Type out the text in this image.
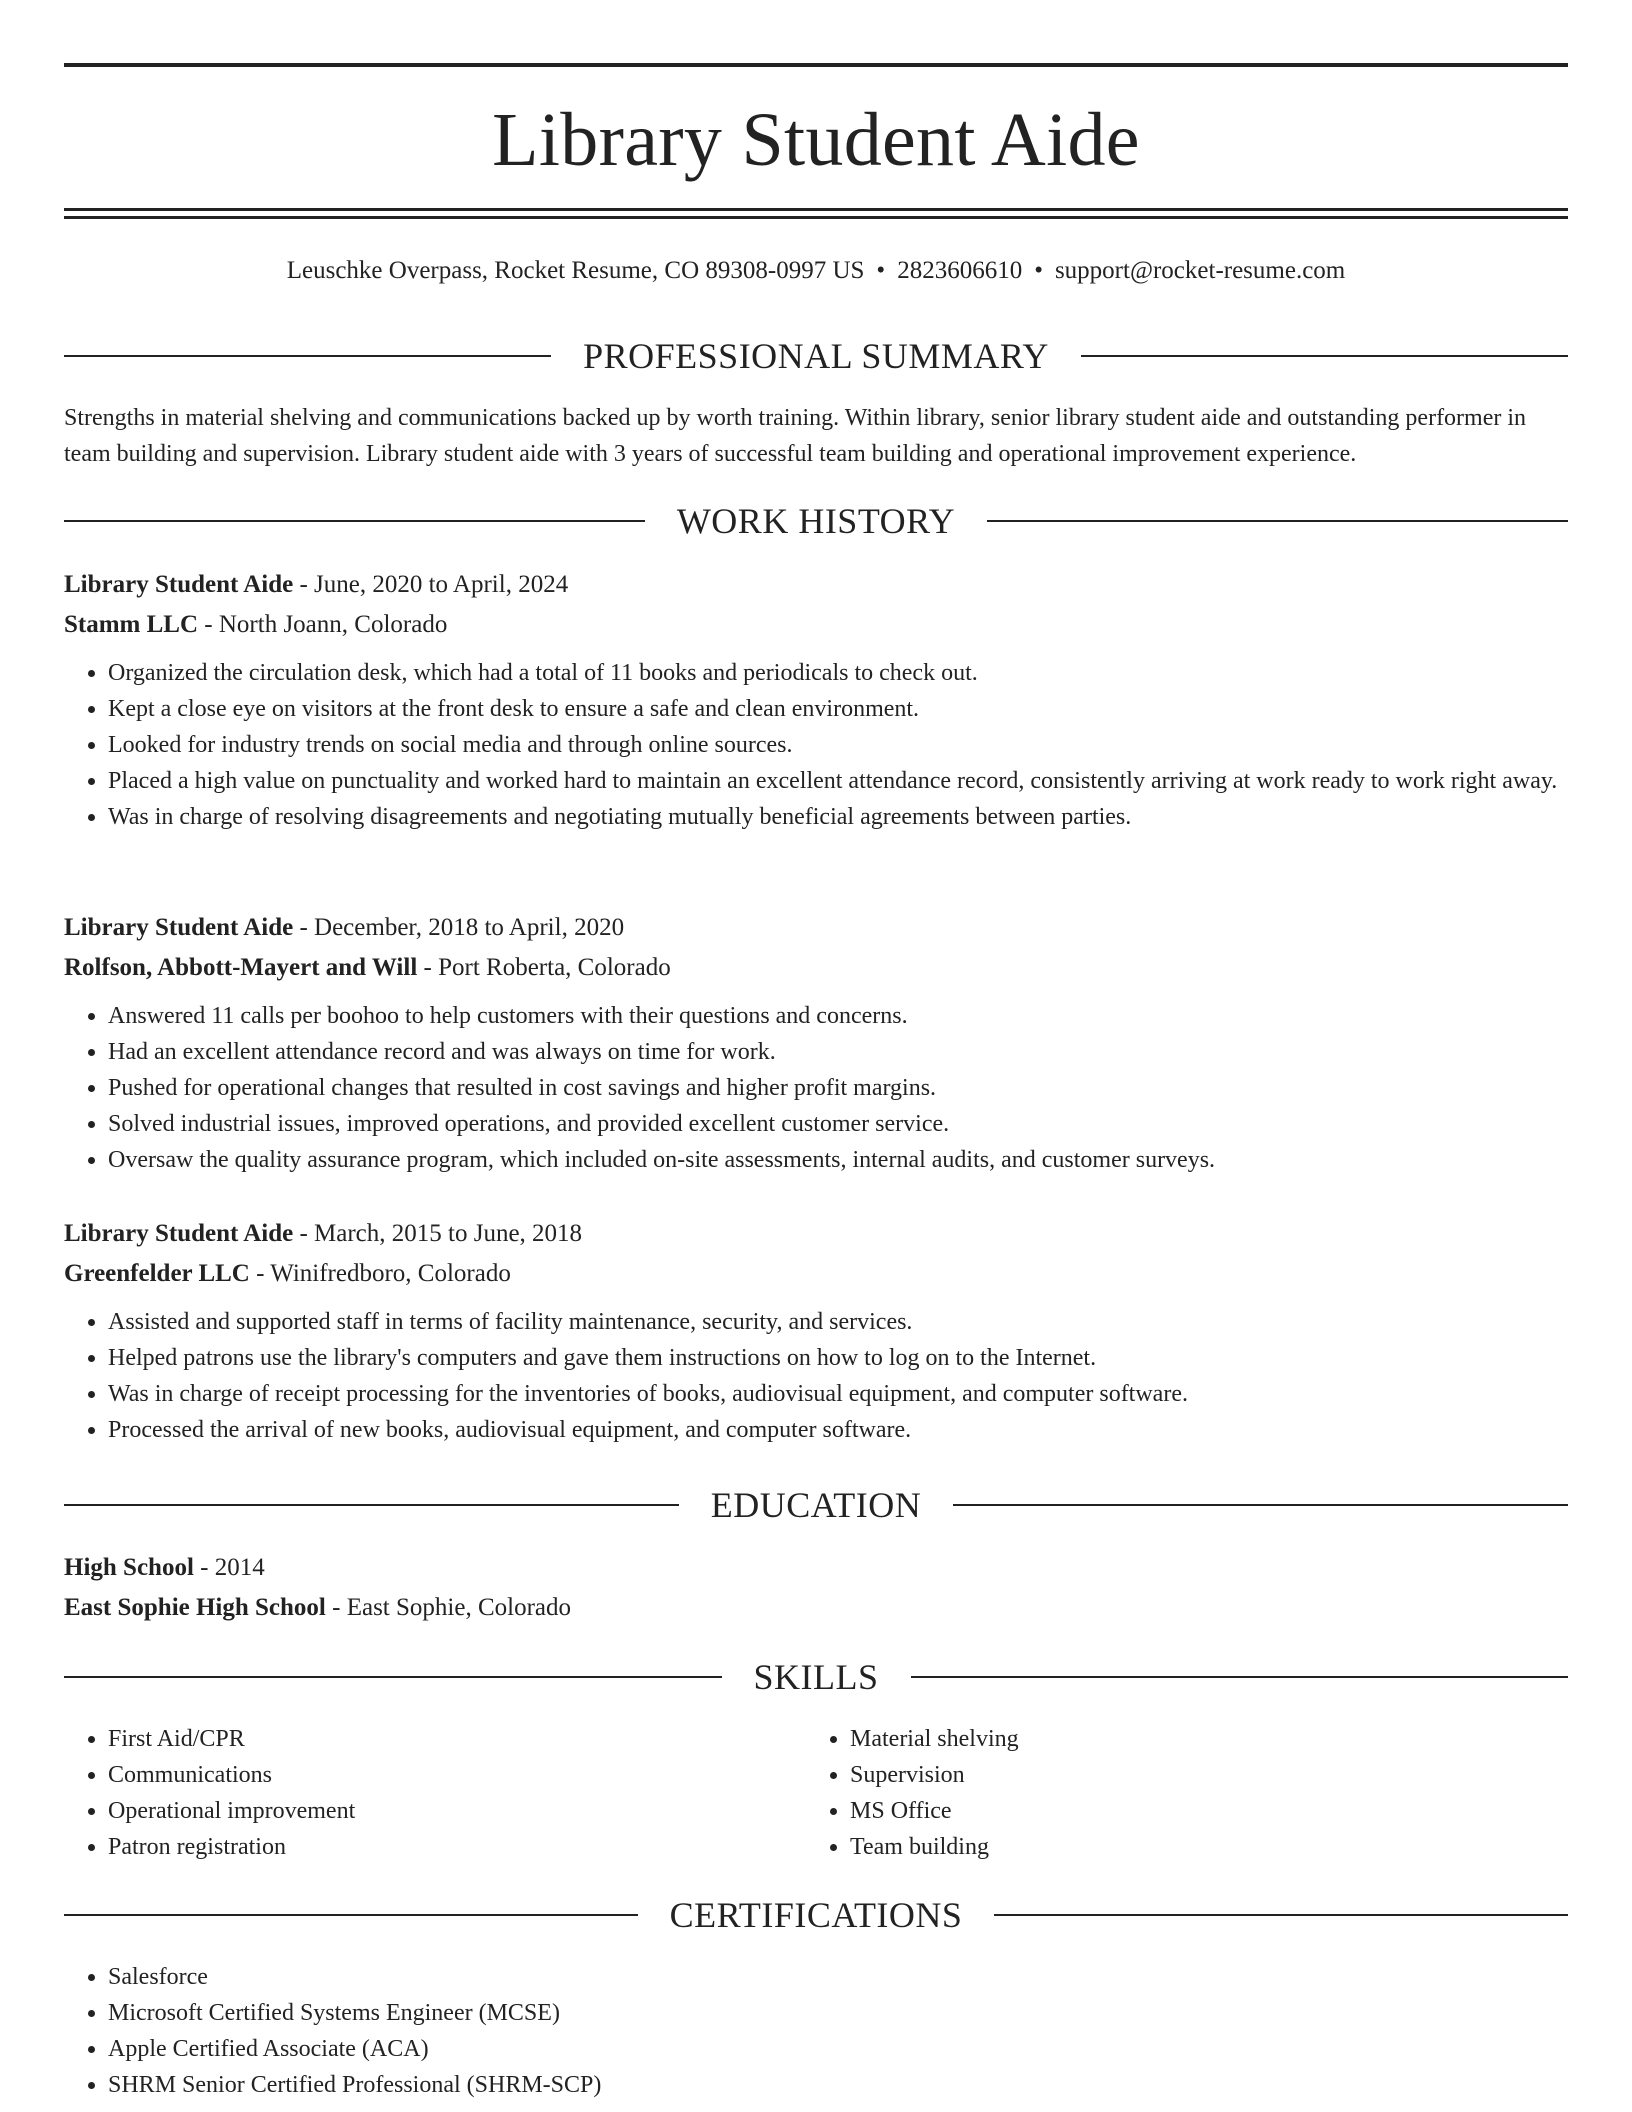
Library Student Aide
Leuschke Overpass, Rocket Resume, CO 89308-0997 US • 2823606610 • support@rocket-resume.com
PROFESSIONAL SUMMARY

Strengths in material shelving and communications backed up by worth training. Within library, senior library student aide and outstanding performer in team building and supervision. Library student aide with 3 years of successful team building and operational improvement experience.

WORK HISTORY
Library Student Aide - June, 2020 to April, 2024
Stamm LLC - North Joann, Colorado
• Organized the circulation desk, which had a total of 11 books and periodicals to check out.
• Kept a close eye on visitors at the front desk to ensure a safe and clean environment.
• Looked for industry trends on social media and through online sources.
• Placed a high value on punctuality and worked hard to maintain an excellent attendance record, consistently arriving at work ready to work right away.
• Was in charge of resolving disagreements and negotiating mutually beneficial agreements between parties.
Library Student Aide - December, 2018 to April, 2020
Rolfson, Abbott-Mayert and Will - Port Roberta, Colorado
• Answered 11 calls per boohoo to help customers with their questions and concerns.
• Had an excellent attendance record and was always on time for work.
• Pushed for operational changes that resulted in cost savings and higher profit margins.
• Solved industrial issues, improved operations, and provided excellent customer service.
• Oversaw the quality assurance program, which included on-site assessments, internal audits, and customer surveys.
Library Student Aide - March, 2015 to June, 2018
Greenfelder LLC - Winifredboro, Colorado
• Assisted and supported staff in terms of facility maintenance, security, and services.
• Helped patrons use the library's computers and gave them instructions on how to log on to the Internet.
• Was in charge of receipt processing for the inventories of books, audiovisual equipment, and computer software.
• Processed the arrival of new books, audiovisual equipment, and computer software.
EDUCATION
High School - 2014
East Sophie High School - East Sophie, Colorado
SKILLS
• First Aid/CPR
• Communications
• Operational improvement
• Patron registration
• Material shelving
• Supervision
• MS Office
• Team building
CERTIFICATIONS
• Salesforce
• Microsoft Certified Systems Engineer (MCSE)
• Apple Certified Associate (ACA)
• SHRM Senior Certified Professional (SHRM-SCP)
